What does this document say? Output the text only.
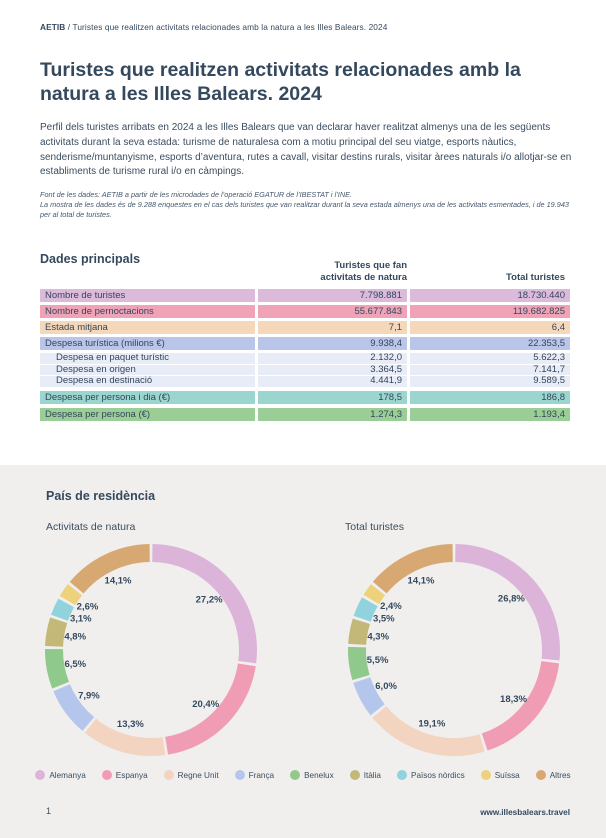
AETIB / Turistes que realitzen activitats relacionades amb la natura a les Illes Balears. 2024
Turistes que realitzen activitats relacionades amb la natura a les Illes Balears. 2024

Perfil dels turistes arribats en 2024 a les Illes Balears que van declarar haver realitzat almenys una de les següents activitats durant la seva estada: turisme de naturalesa com a motiu principal del seu viatge, esports nàutics, senderisme/muntanyisme, esports d’aventura, rutes a cavall, visitar destins rurals, visitar àrees naturals i/o allotjar-se en establiments de turisme rural i/o en càmpings.

Font de les dades: AETIB a partir de les microdades de l’operació EGATUR de l’IBESTAT i l’INE.
La mostra de les dades és de 9.288 enquestes en el cas dels turistes que van realitzar durant la seva estada almenys una de les activitats esmentades, i de 19.943 per al total de turistes.

Dades principals	Turistes que fan activitats de natura	Total turistes
Nombre de turistes	7.798.881	18.730.440
Nombre de pernoctacions	55.677.843	119.682.825
Estada mitjana	7,1	6,4
Despesa turística (milions €)	9.938,4	22.353,5
Despesa en paquet turístic	2.132,0	5.622,3
Despesa en origen	3.364,5	7.141,7
Despesa en destinació	4.441,9	9.589,5
Despesa per persona i dia (€)	178,5	186,8
Despesa per persona (€)	1.274,3	1.193,4
País de residència
Activitats de natura	Total turistes
27,2%
20,4%
13,3%
7,9%
6,5%
4,8%
3,1%
2,6%
14,1%
26,8%
18,3%
19,1%
6,0%
5,5%
4,3%
3,5%
2,4%
14,1%
Alemanya	Espanya	Regne Unit	França	Benelux	Itàlia	Països nòrdics	Suïssa	Altres
1	www.illesbalears.travel
